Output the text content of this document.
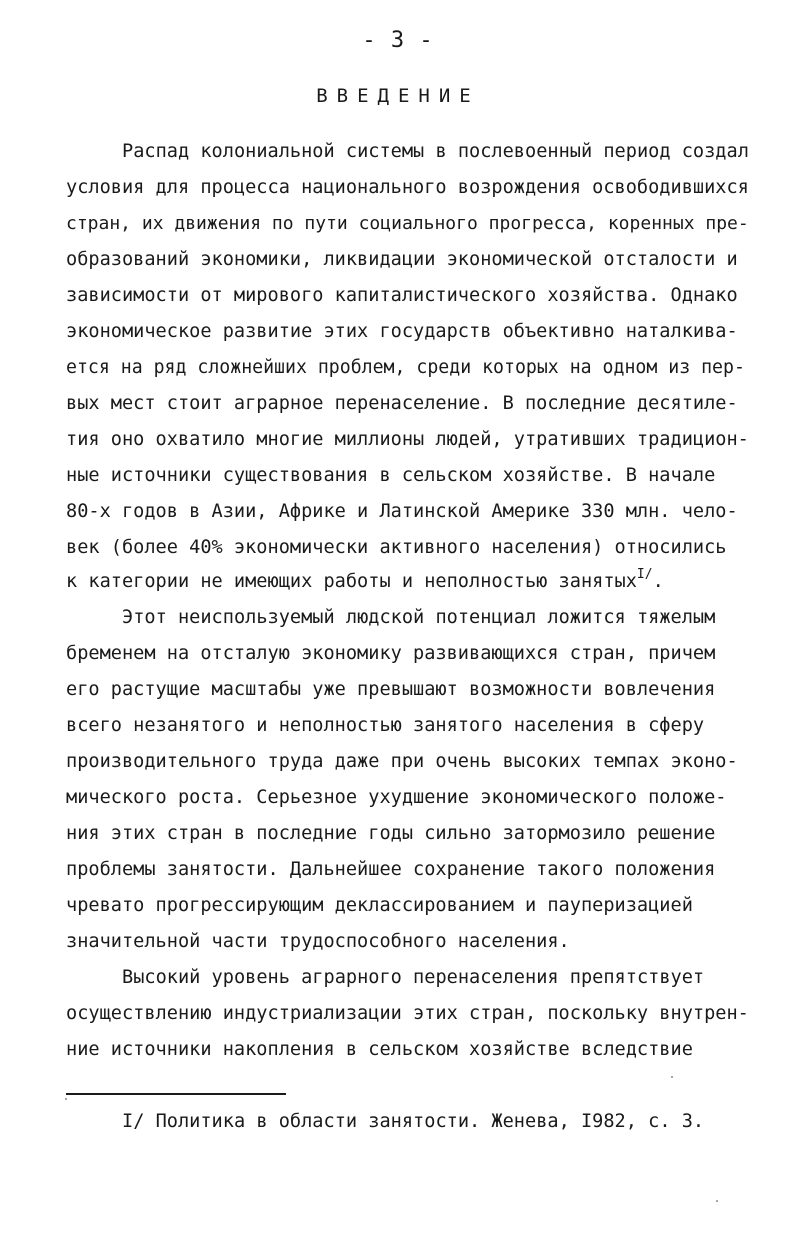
- 3 -
ВВЕДЕНИЕ
Распад колониальной системы в послевоенный период создал
условия для процесса национального возрождения освободившихся
стран, их движения по пути социального прогресса, коренных пре-
образований экономики, ликвидации экономической отсталости и
зависимости от мирового капиталистического хозяйства. Однако
экономическое развитие этих государств объективно наталкива-
ется на ряд сложнейших проблем, среди которых на одном из пер-
вых мест стоит аграрное перенаселение. В последние десятиле-
тия оно охватило многие миллионы людей, утративших традицион-
ные источники существования в сельском хозяйстве. В начале
80-х годов в Азии, Африке и Латинской Америке 330 млн. чело-
век (более 40% экономически активного населения) относились
к категории не имеющих работы и неполностью занятых$^{I/}$.
Этот неиспользуемый людской потенциал ложится тяжелым
бременем на отсталую экономику развивающихся стран, причем
его растущие масштабы уже превышают возможности вовлечения
всего незанятого и неполностью занятого населения в сферу
производительного труда даже при очень высоких темпах эконо-
мического роста. Серьезное ухудшение экономического положе-
ния этих стран в последние годы сильно затормозило решение
проблемы занятости. Дальнейшее сохранение такого положения
чревато прогрессирующим деклассированием и пауперизацией
значительной части трудоспособного населения.
Высокий уровень аграрного перенаселения препятствует
осуществлению индустриализации этих стран, поскольку внутрен-
ние источники накопления в сельском хозяйстве вследствие
I/ Политика в области занятости. Женева, I982, с. 3.
